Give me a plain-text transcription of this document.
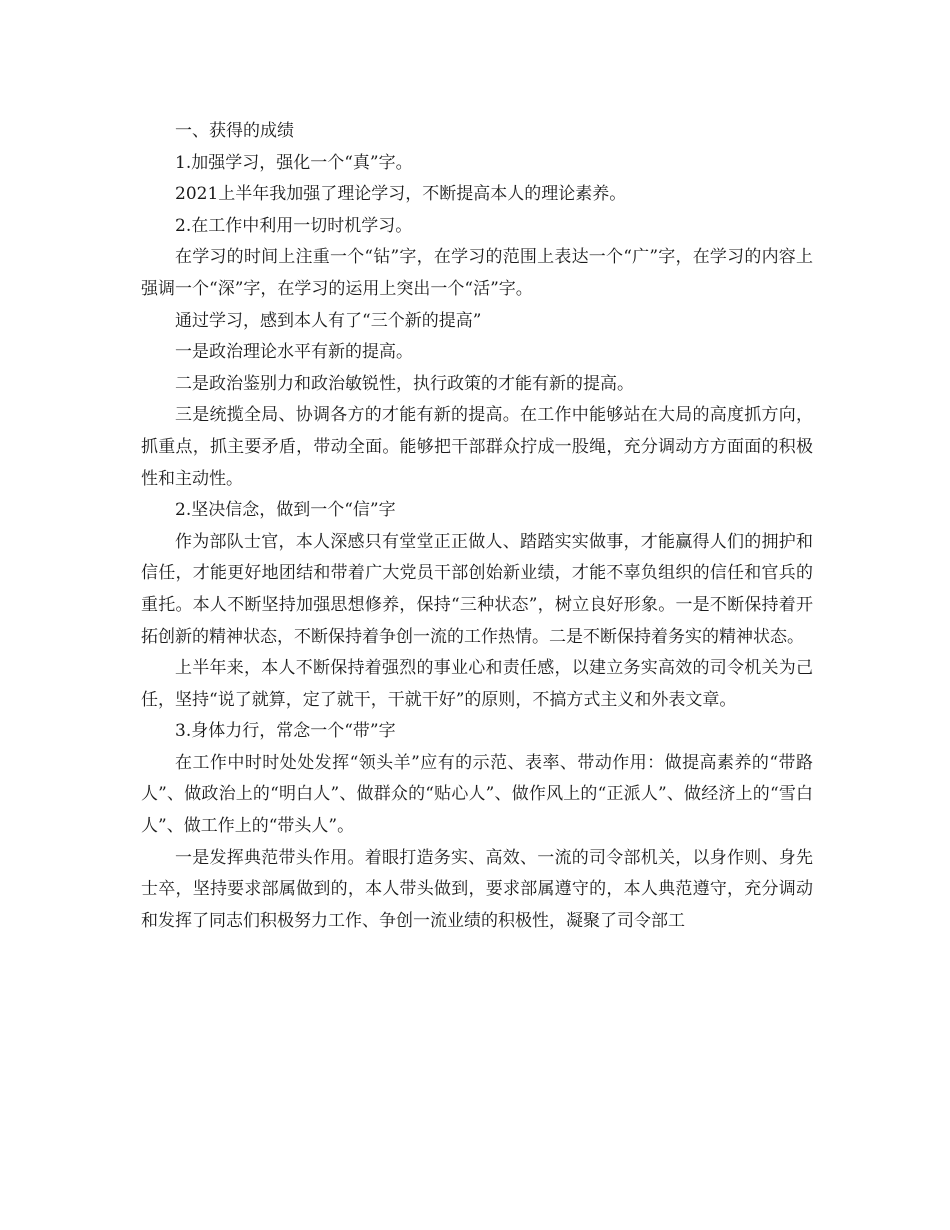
一、获得的成绩

1.加强学习，强化一个“真”字。

2021上半年我加强了理论学习，不断提高本人的理论素养。

2.在工作中利用一切时机学习。

在学习的时间上注重一个“钻”字，在学习的范围上表达一个“广”字，在学习的内容上强调一个“深”字，在学习的运用上突出一个“活”字。

通过学习，感到本人有了“三个新的提高”

一是政治理论水平有新的提高。

二是政治鉴别力和政治敏锐性，执行政策的才能有新的提高。

三是统揽全局、协调各方的才能有新的提高。在工作中能够站在大局的高度抓方向，抓重点，抓主要矛盾，带动全面。能够把干部群众拧成一股绳，充分调动方方面面的积极性和主动性。

2.坚决信念，做到一个“信”字

作为部队士官，本人深感只有堂堂正正做人、踏踏实实做事，才能赢得人们的拥护和信任，才能更好地团结和带着广大党员干部创始新业绩，才能不辜负组织的信任和官兵的重托。本人不断坚持加强思想修养，保持“三种状态”，树立良好形象。一是不断保持着开拓创新的精神状态，不断保持着争创一流的工作热情。二是不断保持着务实的精神状态。

上半年来，本人不断保持着强烈的事业心和责任感，以建立务实高效的司令机关为己任，坚持“说了就算，定了就干，干就干好”的原则，不搞方式主义和外表文章。

3.身体力行，常念一个“带”字

在工作中时时处处发挥“领头羊”应有的示范、表率、带动作用：做提高素养的“带路人”、做政治上的“明白人”、做群众的“贴心人”、做作风上的“正派人”、做经济上的“雪白人”、做工作上的“带头人”。

一是发挥典范带头作用。着眼打造务实、高效、一流的司令部机关，以身作则、身先士卒，坚持要求部属做到的，本人带头做到，要求部属遵守的，本人典范遵守，充分调动和发挥了同志们积极努力工作、争创一流业绩的积极性，凝聚了司令部工
